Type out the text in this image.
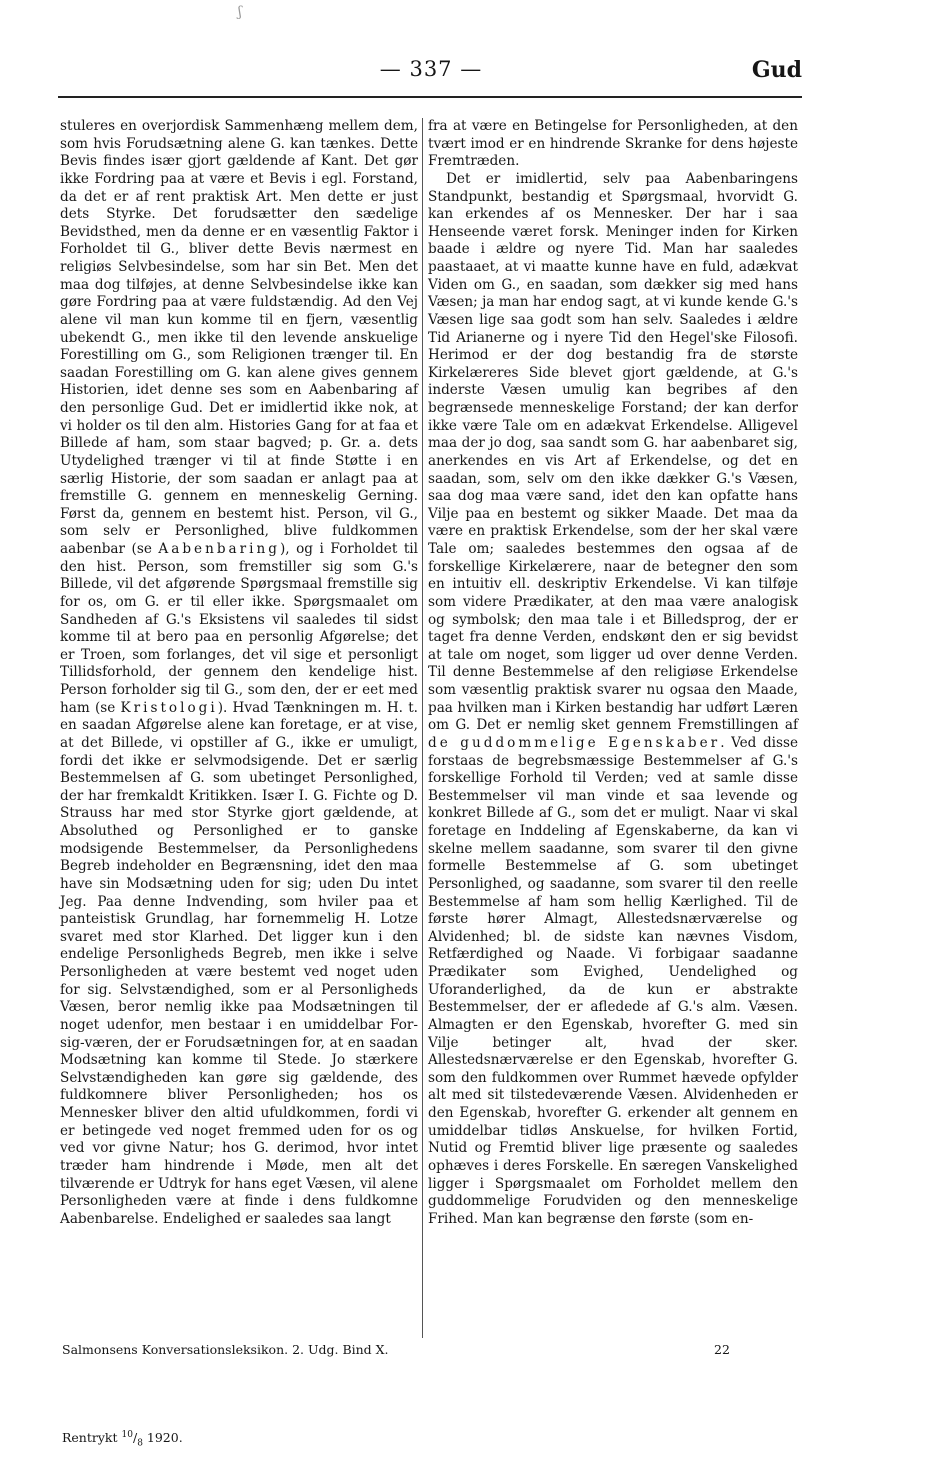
ʃ
— 337 —	Gud

stuleres en overjordisk Sammenhæng mellem dem, som hvis Forudsætning alene G. kan tænkes. Dette Bevis findes især gjort gældende af Kant. Det gør ikke Fordring paa at være et Bevis i egl. Forstand, da det er af rent praktisk Art. Men dette er just dets Styrke. Det forudsætter den sædelige Bevidsthed, men da denne er en væsentlig Faktor i Forholdet til G., bliver dette Bevis nærmest en religiøs Selvbesindelse, som har sin Bet. Men det maa dog tilføjes, at denne Selvbesindelse ikke kan gøre Fordring paa at være fuldstændig. Ad den Vej alene vil man kun komme til en fjern, væsentlig ubekendt G., men ikke til den levende anskuelige Forestilling om G., som Religionen trænger til. En saadan Forestilling om G. kan alene gives gennem Historien, idet denne ses som en Aabenbaring af den personlige Gud. Det er imidlertid ikke nok, at vi holder os til den alm. Histories Gang for at faa et Billede af ham, som staar bagved; p. Gr. a. dets Utydelighed trænger vi til at finde Støtte i en særlig Historie, der som saadan er anlagt paa at fremstille G. gennem en menneskelig Gerning. Først da, gennem en bestemt hist. Person, vil G., som selv er Personlighed, blive fuldkommen aabenbar (se Aabenbaring), og i Forholdet til den hist. Person, som fremstiller sig som G.'s Billede, vil det afgørende Spørgsmaal fremstille sig for os, om G. er til eller ikke. Spørgsmaalet om Sandheden af G.'s Eksistens vil saaledes til sidst komme til at bero paa en personlig Afgørelse; det er Troen, som forlanges, det vil sige et personligt Tillidsforhold, der gennem den kendelige hist. Person forholder sig til G., som den, der er eet med ham (se Kristologi). Hvad Tænkningen m. H. t. en saadan Afgørelse alene kan foretage, er at vise, at det Billede, vi opstiller af G., ikke er umuligt, fordi det ikke er selvmodsigende. Det er særlig Bestemmelsen af G. som ubetinget Personlighed, der har fremkaldt Kritikken. Især I. G. Fichte og D. Strauss har med stor Styrke gjort gældende, at Absoluthed og Personlighed er to ganske modsigende Bestemmelser, da Personlighedens Begreb indeholder en Begrænsning, idet den maa have sin Modsætning uden for sig; uden Du intet Jeg. Paa denne Indvending, som hviler paa et panteistisk Grundlag, har fornemmelig H. Lotze svaret med stor Klarhed. Det ligger kun i den endelige Personligheds Begreb, men ikke i selve Personligheden at være bestemt ved noget uden for sig. Selvstændighed, som er al Personligheds Væsen, beror nemlig ikke paa Modsætningen til noget udenfor, men bestaar i en umiddelbar For-sig-væren, der er Forudsætningen for, at en saadan Modsætning kan komme til Stede. Jo stærkere Selvstændigheden kan gøre sig gældende, des fuldkomnere bliver Personligheden; hos os Mennesker bliver den altid ufuldkommen, fordi vi er betingede ved noget fremmed uden for os og ved vor givne Natur; hos G. derimod, hvor intet træder ham hindrende i Møde, men alt det tilværende er Udtryk for hans eget Væsen, vil alene Personligheden være at finde i dens fuldkomne Aabenbarelse. Endelighed er saaledes saa langt

fra at være en Betingelse for Personligheden, at den tvært imod er en hindrende Skranke for dens højeste Fremtræden.

Det er imidlertid, selv paa Aabenbaringens Standpunkt, bestandig et Spørgsmaal, hvorvidt G. kan erkendes af os Mennesker. Der har i saa Henseende været forsk. Meninger inden for Kirken baade i ældre og nyere Tid. Man har saaledes paastaaet, at vi maatte kunne have en fuld, adækvat Viden om G., en saadan, som dækker sig med hans Væsen; ja man har endog sagt, at vi kunde kende G.'s Væsen lige saa godt som han selv. Saaledes i ældre Tid Arianerne og i nyere Tid den Hegel'ske Filosofi. Herimod er der dog bestandig fra de største Kirkelæreres Side blevet gjort gældende, at G.'s inderste Væsen umulig kan begribes af den begrænsede menneskelige Forstand; der kan derfor ikke være Tale om en adækvat Erkendelse. Alligevel maa der jo dog, saa sandt som G. har aabenbaret sig, anerkendes en vis Art af Erkendelse, og det en saadan, som, selv om den ikke dækker G.'s Væsen, saa dog maa være sand, idet den kan opfatte hans Vilje paa en bestemt og sikker Maade. Det maa da være en praktisk Erkendelse, som der her skal være Tale om; saaledes bestemmes den ogsaa af de forskellige Kirkelærere, naar de betegner den som en intuitiv ell. deskriptiv Erkendelse. Vi kan tilføje som videre Prædikater, at den maa være analogisk og symbolsk; den maa tale i et Billedsprog, der er taget fra denne Verden, endskønt den er sig bevidst at tale om noget, som ligger ud over denne Verden. Til denne Bestemmelse af den religiøse Erkendelse som væsentlig praktisk svarer nu ogsaa den Maade, paa hvilken man i Kirken bestandig har udført Læren om G. Det er nemlig sket gennem Fremstillingen af de guddommelige Egenskaber. Ved disse forstaas de begrebsmæssige Bestemmelser af G.'s forskellige Forhold til Verden; ved at samle disse Bestemmelser vil man vinde et saa levende og konkret Billede af G., som det er muligt. Naar vi skal foretage en Inddeling af Egenskaberne, da kan vi skelne mellem saadanne, som svarer til den givne formelle Bestemmelse af G. som ubetinget Personlighed, og saadanne, som svarer til den reelle Bestemmelse af ham som hellig Kærlighed. Til de første hører Almagt, Allestedsnærværelse og Alvidenhed; bl. de sidste kan nævnes Visdom, Retfærdighed og Naade. Vi forbigaar saadanne Prædikater som Evighed, Uendelighed og Uforanderlighed, da de kun er abstrakte Bestemmelser, der er afledede af G.'s alm. Væsen. Almagten er den Egenskab, hvorefter G. med sin Vilje betinger alt, hvad der sker. Allestedsnærværelse er den Egenskab, hvorefter G. som den fuldkommen over Rummet hævede opfylder alt med sit tilstedeværende Væsen. Alvidenheden er den Egenskab, hvorefter G. erkender alt gennem en umiddelbar tidløs Anskuelse, for hvilken Fortid, Nutid og Fremtid bliver lige præsente og saaledes ophæves i deres Forskelle. En særegen Vanskelighed ligger i Spørgsmaalet om Forholdet mellem den guddommelige Forudviden og den menneskelige Frihed. Man kan begrænse den første (som en-

Salmonsens Konversationsleksikon. 2. Udg. Bind X.	22
Rentrykt $^{10}/_8$ 1920.
